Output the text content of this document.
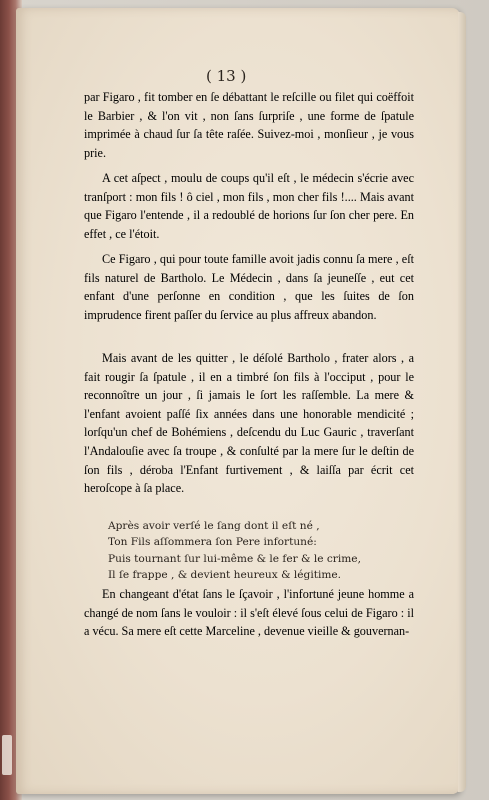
( 13 )

par Figaro , fit tomber en ſe débattant le reſcille ou filet qui coëffoit le Barbier , & l'on vit , non ſans ſurpriſe , une forme de ſpatule imprimée à chaud ſur ſa tête raſée. Suivez-moi , monſieur , je vous prie.

A cet aſpect , moulu de coups qu'il eſt , le médecin s'écrie avec tranſport : mon fils ! ô ciel , mon fils , mon cher fils !.... Mais avant que Figaro l'entende , il a redoublé de horions ſur ſon cher pere. En effet , ce l'étoit.

Ce Figaro , qui pour toute famille avoit jadis connu ſa mere , eſt fils naturel de Bartholo. Le Médecin , dans ſa jeuneſſe , eut cet enfant d'une perſonne en condition , que les ſuites de ſon imprudence firent paſſer du ſervice au plus affreux abandon.

Mais avant de les quitter , le déſolé Bartholo , frater alors , a fait rougir ſa ſpatule , il en a timbré ſon fils à l'occiput , pour le reconnoître un jour , ſi jamais le ſort les raſſemble. La mere & l'enfant avoient paſſé ſix années dans une honorable mendicité ; lorſqu'un chef de Bohémiens , deſcendu du Luc Gauric , traverſant l'Andalouſie avec ſa troupe , & conſulté par la mere ſur le deſtin de ſon fils , déroba l'Enfant furtivement , & laiſſa par écrit cet heroſcope à ſa place.

Après avoir verſé le ſang dont il eſt né ,
Ton Fils aſſommera ſon Pere infortuné:
Puis tournant ſur lui-même & le fer & le crime,
Il ſe frappe , & devient heureux & légitime.

En changeant d'état ſans le ſçavoir , l'infortuné jeune homme a changé de nom ſans le vouloir : il s'eſt élevé ſous celui de Figaro : il a vécu. Sa mere eſt cette Marceline , devenue vieille & gouvernan-
